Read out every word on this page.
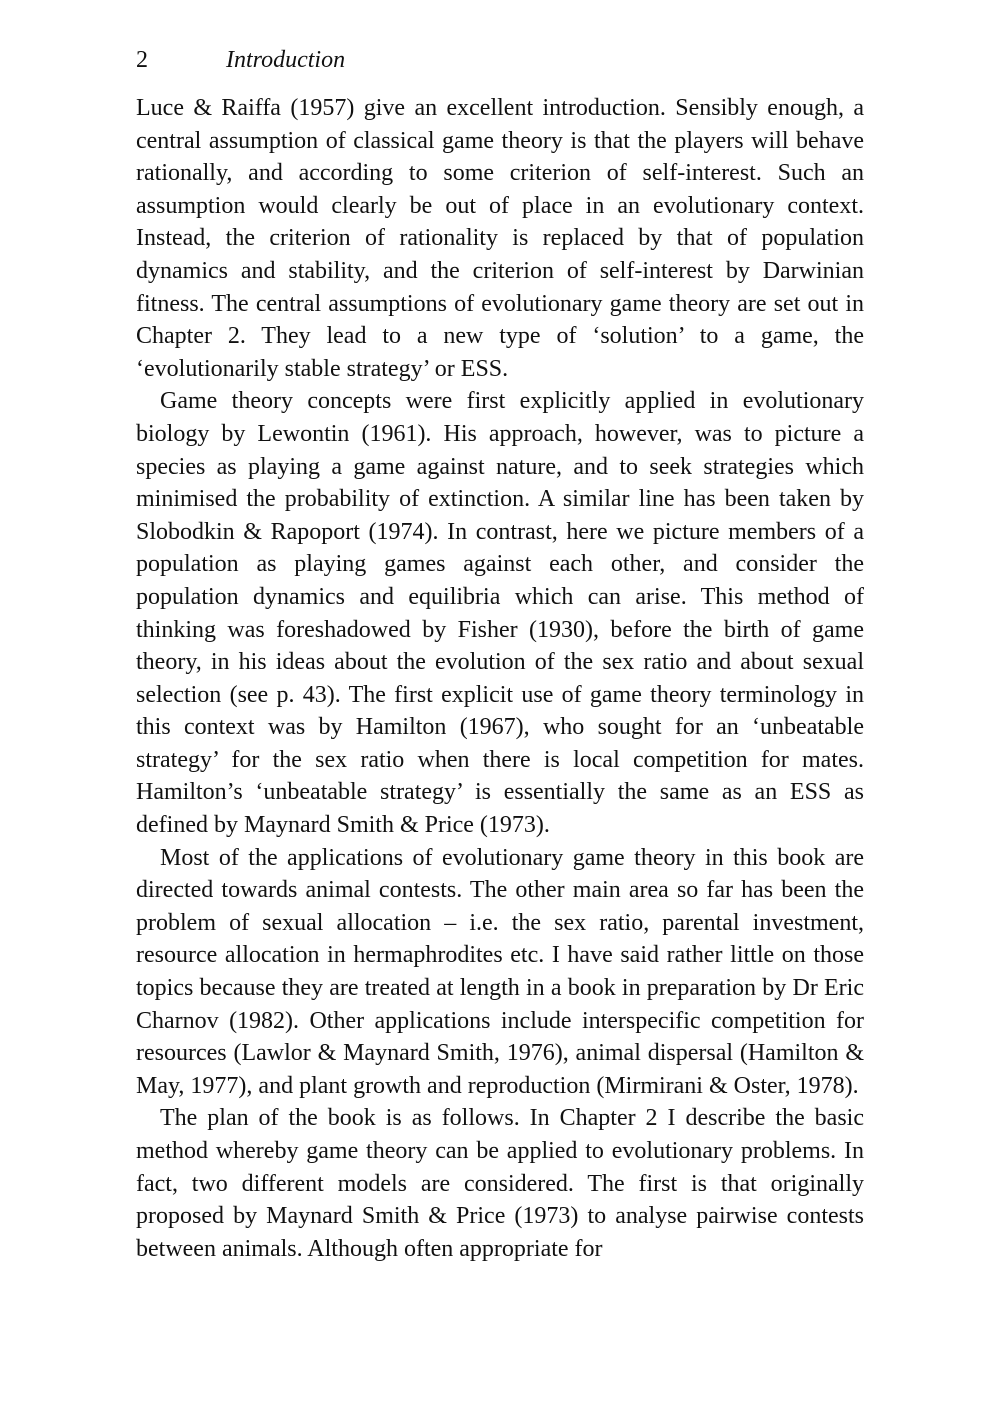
2	Introduction

Luce & Raiffa (1957) give an excellent introduction. Sensibly enough, a central assumption of classical game theory is that the players will behave rationally, and according to some criterion of self-interest. Such an assumption would clearly be out of place in an evolutionary context. Instead, the criterion of rationality is replaced by that of population dynamics and stability, and the criterion of self-interest by Darwinian fitness. The central assumptions of evolutionary game theory are set out in Chapter 2. They lead to a new type of ‘solution’ to a game, the ‘evolutionarily stable strategy’ or ESS.

Game theory concepts were first explicitly applied in evolutionary biology by Lewontin (1961). His approach, however, was to picture a species as playing a game against nature, and to seek strategies which minimised the probability of extinction. A similar line has been taken by Slobodkin & Rapoport (1974). In contrast, here we picture members of a population as playing games against each other, and consider the population dynamics and equilibria which can arise. This method of thinking was foreshadowed by Fisher (1930), before the birth of game theory, in his ideas about the evolution of the sex ratio and about sexual selection (see p. 43). The first explicit use of game theory terminology in this context was by Hamilton (1967), who sought for an ‘unbeatable strategy’ for the sex ratio when there is local competition for mates. Hamilton’s ‘unbeatable strategy’ is essentially the same as an ESS as defined by Maynard Smith & Price (1973).

Most of the applications of evolutionary game theory in this book are directed towards animal contests. The other main area so far has been the problem of sexual allocation – i.e. the sex ratio, parental investment, resource allocation in hermaphrodites etc. I have said rather little on those topics because they are treated at length in a book in preparation by Dr Eric Charnov (1982). Other applications include interspecific competition for resources (Lawlor & Maynard Smith, 1976), animal dispersal (Hamilton & May, 1977), and plant growth and reproduction (Mirmirani & Oster, 1978).

The plan of the book is as follows. In Chapter 2 I describe the basic method whereby game theory can be applied to evolutionary problems. In fact, two different models are considered. The first is that originally proposed by Maynard Smith & Price (1973) to analyse pairwise contests between animals. Although often appropriate for
